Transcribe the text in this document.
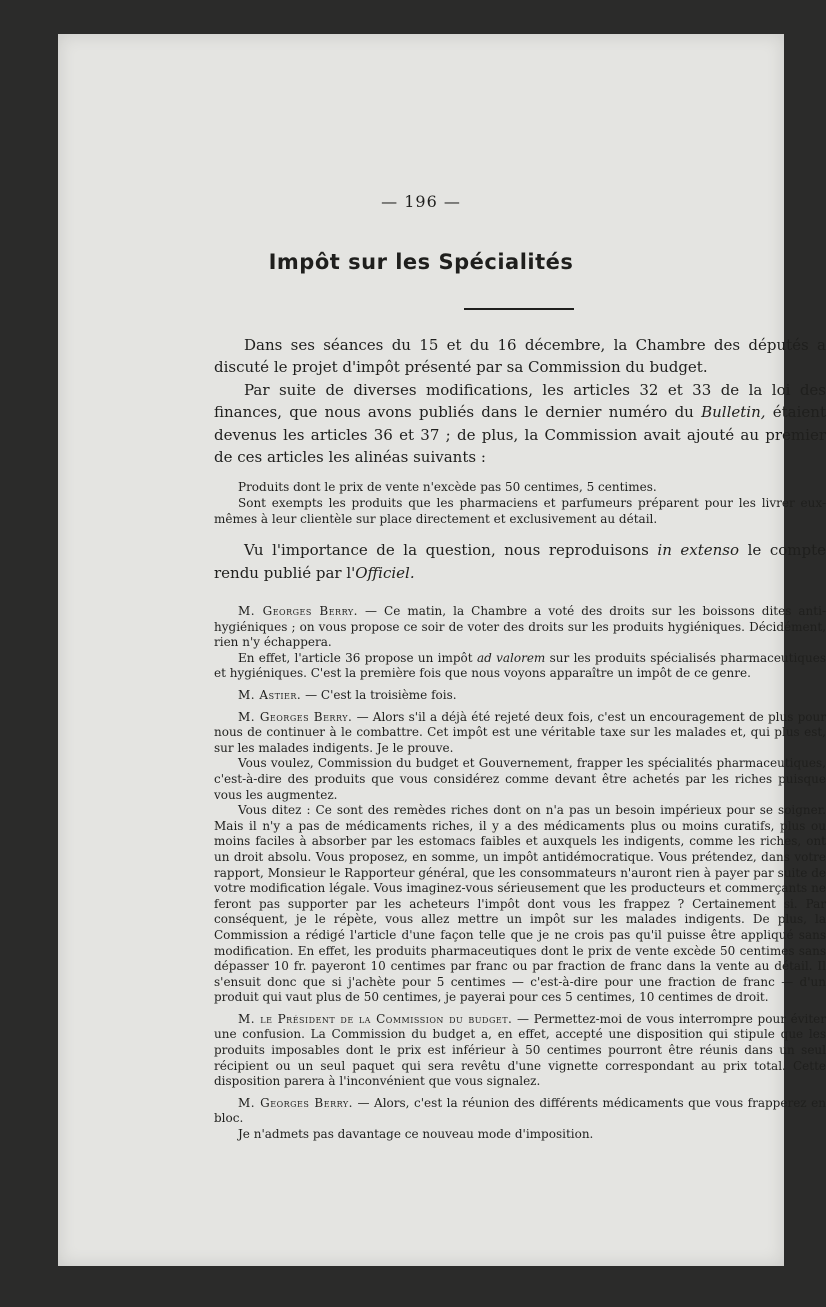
— 196 —
Impôt sur les Spécialités

Dans ses séances du 15 et du 16 décembre, la Chambre des députés a discuté le projet d'impôt présenté par sa Commission du budget.

Par suite de diverses modifications, les articles 32 et 33 de la loi des finances, que nous avons publiés dans le dernier numéro du Bulletin, étaient devenus les articles 36 et 37 ; de plus, la Commission avait ajouté au premier de ces articles les alinéas suivants :

Produits dont le prix de vente n'excède pas 50 centimes, 5 centimes.

Sont exempts les produits que les pharmaciens et parfumeurs préparent pour les livrer eux-mêmes à leur clientèle sur place directement et exclusivement au détail.

Vu l'importance de la question, nous reproduisons in extenso le compte rendu publié par l'Officiel.

M. Georges Berry. — Ce matin, la Chambre a voté des droits sur les boissons dites anti-hygiéniques ; on vous propose ce soir de voter des droits sur les produits hygiéniques. Décidément, rien n'y échappera.

En effet, l'article 36 propose un impôt ad valorem sur les produits spécialisés pharmaceutiques et hygiéniques. C'est la première fois que nous voyons apparaître un impôt de ce genre.

M. Astier. — C'est la troisième fois.

M. Georges Berry. — Alors s'il a déjà été rejeté deux fois, c'est un encouragement de plus pour nous de continuer à le combattre. Cet impôt est une véritable taxe sur les malades et, qui plus est, sur les malades indigents. Je le prouve.

Vous voulez, Commission du budget et Gouvernement, frapper les spécialités pharmaceutiques, c'est-à-dire des produits que vous considérez comme devant être achetés par les riches puisque vous les augmentez.

Vous ditez : Ce sont des remèdes riches dont on n'a pas un besoin impérieux pour se soigner. Mais il n'y a pas de médicaments riches, il y a des médicaments plus ou moins curatifs, plus ou moins faciles à absorber par les estomacs faibles et auxquels les indigents, comme les riches, ont un droit absolu. Vous proposez, en somme, un impôt antidémocratique. Vous prétendez, dans votre rapport, Monsieur le Rapporteur général, que les consommateurs n'auront rien à payer par suite de votre modification légale. Vous imaginez-vous sérieusement que les producteurs et commerçants ne feront pas supporter par les acheteurs l'impôt dont vous les frappez ? Certainement si. Par conséquent, je le répète, vous allez mettre un impôt sur les malades indigents. De plus, la Commission a rédigé l'article d'une façon telle que je ne crois pas qu'il puisse être appliqué sans modification. En effet, les produits pharmaceutiques dont le prix de vente excède 50 centimes sans dépasser 10 fr. payeront 10 centimes par franc ou par fraction de franc dans la vente au détail. Il s'ensuit donc que si j'achète pour 5 centimes — c'est-à-dire pour une fraction de franc — d'un produit qui vaut plus de 50 centimes, je payerai pour ces 5 centimes, 10 centimes de droit.

M. le Président de la Commission du budget. — Permettez-moi de vous interrompre pour éviter une confusion. La Commission du budget a, en effet, accepté une disposition qui stipule que les produits imposables dont le prix est inférieur à 50 centimes pourront être réunis dans un seul récipient ou un seul paquet qui sera revêtu d'une vignette correspondant au prix total. Cette disposition parera à l'inconvénient que vous signalez.

M. Georges Berry. — Alors, c'est la réunion des différents médicaments que vous frapperez en bloc.

Je n'admets pas davantage ce nouveau mode d'imposition.
